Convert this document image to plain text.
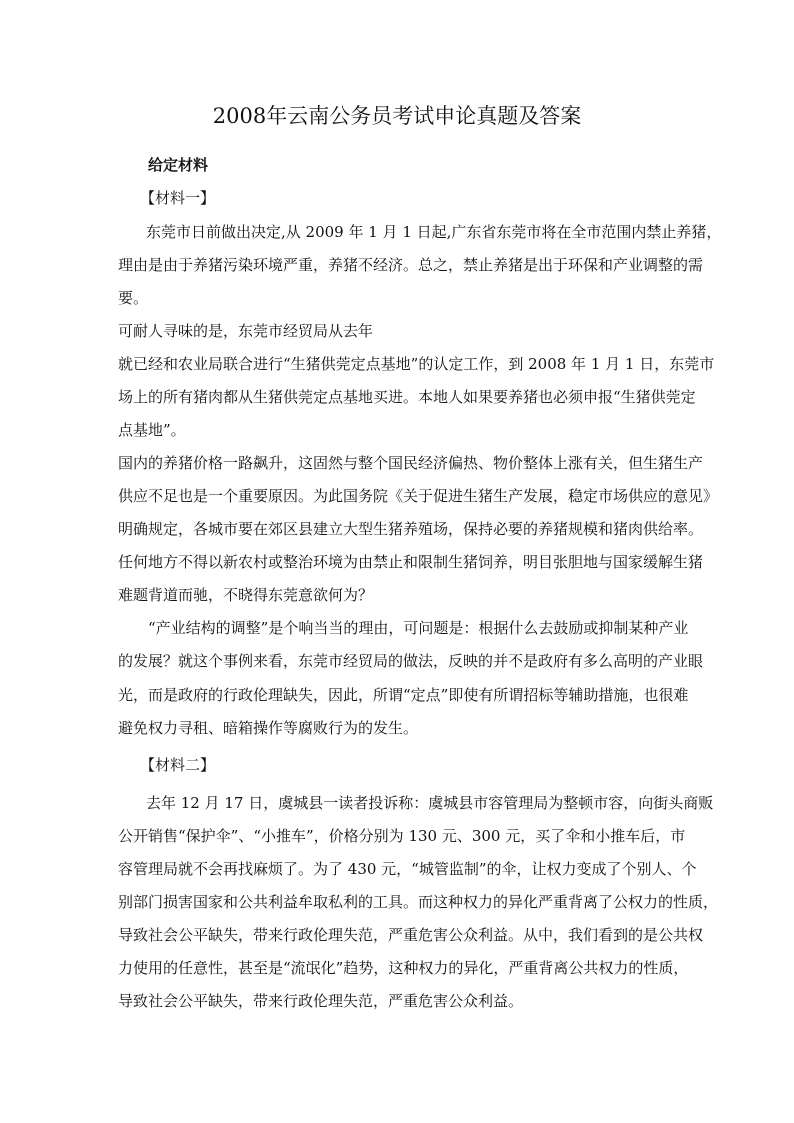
2008年云南公务员考试申论真题及答案
给定材料
【材料一】
东莞市日前做出决定,从 2009 年 1 月 1 日起,广东省东莞市将在全市范围内禁止养猪，
理由是由于养猪污染环境严重，养猪不经济。总之，禁止养猪是出于环保和产业调整的需
要。
可耐人寻味的是，东莞市经贸局从去年
就已经和农业局联合进行“生猪供莞定点基地”的认定工作，到 2008 年 1 月 1 日，东莞市
场上的所有猪肉都从生猪供莞定点基地买进。本地人如果要养猪也必须申报“生猪供莞定
点基地”。
国内的养猪价格一路飙升，这固然与整个国民经济偏热、物价整体上涨有关，但生猪生产
供应不足也是一个重要原因。为此国务院《关于促进生猪生产发展，稳定市场供应的意见》
明确规定，各城市要在郊区县建立大型生猪养殖场，保持必要的养猪规模和猪肉供给率。
任何地方不得以新农村或整治环境为由禁止和限制生猪饲养，明目张胆地与国家缓解生猪
难题背道而驰，不晓得东莞意欲何为？
“产业结构的调整”是个响当当的理由，可问题是：根据什么去鼓励或抑制某种产业
的发展？就这个事例来看，东莞市经贸局的做法，反映的并不是政府有多么高明的产业眼
光，而是政府的行政伦理缺失，因此，所谓“定点”即使有所谓招标等辅助措施，也很难
避免权力寻租、暗箱操作等腐败行为的发生。
【材料二】
去年 12 月 17 日，虞城县一读者投诉称：虞城县市容管理局为整顿市容，向街头商贩
公开销售“保护伞”、“小推车”，价格分别为 130 元、300 元，买了伞和小推车后，市
容管理局就不会再找麻烦了。为了 430 元，“城管监制”的伞，让权力变成了个别人、个
别部门损害国家和公共利益牟取私利的工具。而这种权力的异化严重背离了公权力的性质，
导致社会公平缺失，带来行政伦理失范，严重危害公众利益。从中，我们看到的是公共权
力使用的任意性，甚至是“流氓化”趋势，这种权力的异化，严重背离公共权力的性质，
导致社会公平缺失，带来行政伦理失范，严重危害公众利益。
